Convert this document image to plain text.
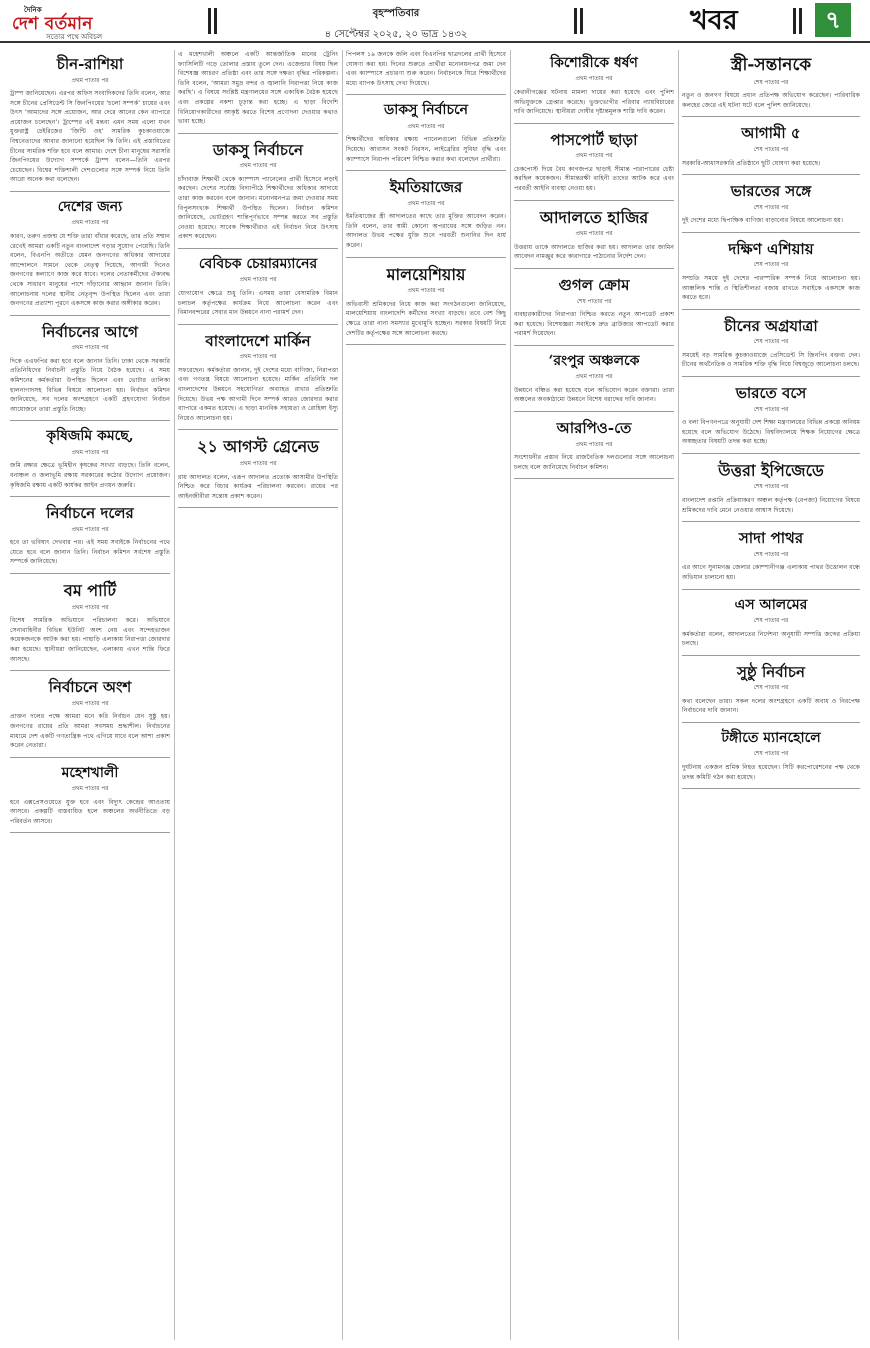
দৈনিক
দেশ বর্তমান
সত্যের পথে অবিচল
বৃহস্পতিবার
৪ সেপ্টেম্বর ২০২৫, ২০ ভাদ্র ১৪৩২	খবর	৭
চীন-রাশিয়া
প্রথম পাতার পর

ট্রাম্প জানিয়েছেন। এরপর অফিস সংবাদিকদের তিনি বলেন, আর সঙ্গে চীনের প্রেসিডেন্ট সি জিনপিংয়ের ‘চলো সম্পর্ক’ চায়ের এবং উৎস ‘আমাদের সঙ্গে প্রয়োজন, আর দেরে আনের কেন ব্যাপারে প্রয়োজন চলেছেন’। ট্রাম্পের এই মন্তব্য এমন সময় এলো যখন যুক্তরাষ্ট্র চেইরিজের ‘জিন্টি ওহ’ সামরিক কুচকাওয়াজে বিশ্বনেতাদের আবার জানানো হয়েছিল কি তিনি। এই প্রস্তাবিতের চীনের সামরিক শক্তি হবে বলে আমার। দেশে চীনা মানুষের সরাসরি জিনপিংয়ের উদ্যোগ সম্পর্কে ট্রাম্প বলেন—তিনি এরপর চেয়েছেন। বিশ্বের শক্তিশালী দেশগুলোর সঙ্গে সম্পর্ক নিয়ে তিনি আরো অনেক কথা বলেছেন।

দেশের জন্য
প্রথম পাতার পর

কারণ, তরুণ প্রজন্ম যে শক্তি তারা বাঁধার করেছে, তার প্রতি সম্মান রেখেই আমরা একটি নতুন বাংলাদেশ গড়ার সুযোগ পেয়েছি। তিনি বলেন, বিএনপি অতীতে যেমন জনগণের অধিকার আদায়ের আন্দোলনে সামনে থেকে নেতৃত্ব দিয়েছে, আগামী দিনেও জনগণের কল্যাণে কাজ করে যাবে। দলের নেতাকর্মীদের ঐক্যবদ্ধ থেকে সাধারণ মানুষের পাশে দাঁড়ানোর আহ্বান জানান তিনি। আলোচনায় দলের স্থানীয় নেতৃবৃন্দ উপস্থিত ছিলেন এবং তারা জনগণের প্রত্যাশা পূরণে একসঙ্গে কাজ করার অঙ্গীকার করেন।

নির্বাচনের আগে
প্রথম পাতার পর

দিকে এএফপির করা হবে বলে জানান তিনি। ঢাকা থেকে সরকারি প্রতিনিধিদের নির্বাচনী প্রস্তুতি নিয়ে বৈঠক হয়েছে। এ সময় কমিশনের কর্মকর্তারা উপস্থিত ছিলেন এবং ভোটার তালিকা হালনাগাদসহ বিভিন্ন বিষয়ে আলোচনা হয়। নির্বাচন কমিশন জানিয়েছে, সব দলের অংশগ্রহণে একটি গ্রহণযোগ্য নির্বাচন আয়োজনে তারা প্রস্তুতি নিচ্ছে।

কৃষিজমি কমছে,
প্রথম পাতার পর

জমি রক্ষার ক্ষেত্রে ভূমিহীন কৃষকের সংখ্যা বাড়ছে। তিনি বলেন, বনাঞ্চল ও জলাভূমি রক্ষায় সরকারের কঠোর উদ্যোগ প্রয়োজন। কৃষিজমি রক্ষায় একটি কার্যকর আইন প্রণয়ন জরুরি।

নির্বাচনে দলের
প্রথম পাতার পর

হবে তা ভবিষ্যৎ দেখবার পর। এই সময় সবাইকে নির্বাচনের পথে যেতে হবে বলে জানান তিনি। নির্বাচন কমিশন সর্বশেষ প্রস্তুতি সম্পর্কে জানিয়েছে।

বম পার্টি
প্রথম পাতার পর

বিশেষ সামরিক অভিযানে পরিচালনা করে। অভিযানে সেনাবাহিনীর বিভিন্ন ইউনিট অংশ নেয় এবং সন্দেহভাজন কয়েকজনকে আটক করা হয়। পাহাড়ি এলাকায় নিরাপত্তা জোরদার করা হয়েছে। স্থানীয়রা জানিয়েছেন, এলাকায় এখন শান্তি ফিরে আসছে।

নির্বাচনে অংশ
প্রথম পাতার পর

প্রাক্তন দলের পক্ষে আমরা মনে করি নির্বাচন যেন সুষ্ঠু হয়। জনগণের রায়ের প্রতি আমরা সবসময় শ্রদ্ধাশীল। নির্বাচনের মাধ্যমে দেশ একটি গণতান্ত্রিক পথে এগিয়ে যাবে বলে আশা প্রকাশ করেন নেতারা।

মহেশখালী
প্রথম পাতার পর

হবে এক্সপ্রেসওয়েতে যুক্ত হবে এবং বিদ্যুৎ কেন্দ্রের আওতায় আসবে। প্রকল্পটি বাস্তবায়িত হলে অঞ্চলের অর্থনীতিতে বড় পরিবর্তন আসবে।

এ মহেশখালী অঞ্চলে একটি আন্তর্জাতিক মানের ট্রেনিং ফ্যাসিলিটি গড়ে তোলার প্রস্তাব তুলে দেন। এজেন্ডার বিষয় ছিল বিশেষজ্ঞ আচরণ প্রতিষ্ঠা এবং তার সঙ্গে দক্ষতা বৃদ্ধির পরিকল্পনা। তিনি বলেন, ‘আমরা সমুদ্র বন্দর ও জ্বালানি নিরাপত্তা নিয়ে কাজ করছি’। এ বিষয়ে সংশ্লিষ্ট মন্ত্রণালয়ের সঙ্গে একাধিক বৈঠক হয়েছে এবং প্রকল্পের নকশা চূড়ান্ত করা হচ্ছে। এ ছাড়া বিদেশি বিনিয়োগকারীদের আকৃষ্ট করতে বিশেষ প্রণোদনা দেওয়ার কথাও ভাবা হচ্ছে।

ডাকসু নির্বাচনে
প্রথম পাতার পর

চাঁদাবাজ শিক্ষার্থী থেকে ক্যাম্পাস প্যানেলের প্রার্থী হিসেবে লড়াই করছেন। দেশের সর্বোচ্চ বিদ্যাপীঠে শিক্ষার্থীদের অধিকার আদায়ে তারা কাজ করবেন বলে জানান। মনোনয়নপত্র জমা দেওয়ার সময় বিপুলসংখ্যক শিক্ষার্থী উপস্থিত ছিলেন। নির্বাচন কমিশন জানিয়েছে, ভোটগ্রহণ শান্তিপূর্ণভাবে সম্পন্ন করতে সব প্রস্তুতি নেওয়া হয়েছে। সাবেক শিক্ষার্থীরাও এই নির্বাচন নিয়ে উৎসাহ প্রকাশ করেছেন।

বেবিচক চেয়ারম্যানের
প্রথম পাতার পর

যোগাযোগ ক্ষেত্রে শুধু তিনি। এসময় তারা বেসামরিক বিমান চলাচল কর্তৃপক্ষের কার্যক্রম নিয়ে আলোচনা করেন এবং বিমানবন্দরের সেবার মান উন্নয়নে নানা পরামর্শ দেন।

বাংলাদেশে মার্কিন
প্রথম পাতার পর

সফরেছেন। কর্মকর্তারা জানান, দুই দেশের মধ্যে বাণিজ্য, নিরাপত্তা এবং গণতন্ত্র বিষয়ে আলোচনা হয়েছে। মার্কিন প্রতিনিধি দল বাংলাদেশের উন্নয়নে সহযোগিতা অব্যাহত রাখার প্রতিশ্রুতি দিয়েছে। উভয় পক্ষ আগামী দিনে সম্পর্ক আরও জোরদার করার ব্যাপারে একমত হয়েছে। এ ছাড়া মানবিক সহায়তা ও রোহিঙ্গা ইস্যু নিয়েও আলোচনা হয়।

২১ আগস্ট গ্রেনেড
প্রথম পাতার পর

রায় আদালত বলেন, এরূপ আদালত প্রত্যেক আসামীর উপস্থিতি নিশ্চিত করে বিচার কার্যক্রম পরিচালনা করবেন। রায়ের পর আইনজীবীরা সন্তোষ প্রকাশ করেন।

পিপলস ১৯ জনকে জলি এবং বিএনপির ছাত্রদলের প্রার্থী হিসেবে ঘোষণা করা হয়। দিনের শুরুতে প্রার্থীরা মনোনয়নপত্র জমা দেন এবং ক্যাম্পাসে প্রচারণা শুরু করেন। নির্বাচনকে ঘিরে শিক্ষার্থীদের মধ্যে ব্যাপক উৎসাহ দেখা দিয়েছে।

ডাকসু নির্বাচনে
প্রথম পাতার পর

শিক্ষার্থীদের অধিকার রক্ষায় প্যানেলগুলো বিভিন্ন প্রতিশ্রুতি দিয়েছে। আবাসন সংকট নিরসন, লাইব্রেরির সুবিধা বৃদ্ধি এবং ক্যাম্পাসে নিরাপদ পরিবেশ নিশ্চিত করার কথা বলেছেন প্রার্থীরা।

ইমতিয়াজের
প্রথম পাতার পর

ইমতিয়াজের স্ত্রী আদালতের কাছে তার মুক্তির আবেদন করেন। তিনি বলেন, তার স্বামী কোনো অপরাধের সঙ্গে জড়িত নন। আদালত উভয় পক্ষের যুক্তি শুনে পরবর্তী শুনানির দিন ধার্য করেন।

মালয়েশিয়ায়
প্রথম পাতার পর

অভিবাসী শ্রমিকদের নিয়ে কাজ করা সংগঠনগুলো জানিয়েছে, মালয়েশিয়ায় বাংলাদেশি কর্মীদের সংখ্যা বাড়ছে। তবে বেশ কিছু ক্ষেত্রে তারা নানা সমস্যার মুখোমুখি হচ্ছেন। সরকার বিষয়টি নিয়ে দেশটির কর্তৃপক্ষের সঙ্গে আলোচনা করছে।

কিশোরীকে ধর্ষণ
প্রথম পাতার পর

কেরানীগঞ্জের ঘটনায় মামলা দায়ের করা হয়েছে এবং পুলিশ অভিযুক্তকে গ্রেপ্তার করেছে। ভুক্তভোগীর পরিবার ন্যায়বিচারের দাবি জানিয়েছে। স্থানীয়রা দোষীর দৃষ্টান্তমূলক শাস্তি দাবি করেন।

পাসপোর্ট ছাড়া
প্রথম পাতার পর

চেকপোস্ট দিয়ে বৈধ কাগজপত্র ছাড়াই সীমান্ত পারাপারের চেষ্টা করছিল কয়েকজন। সীমান্তরক্ষী বাহিনী তাদের আটক করে এবং পরবর্তী আইনি ব্যবস্থা নেওয়া হয়।

আদালতে হাজির
প্রথম পাতার পর

উত্তরায় তাকে আদালতে হাজির করা হয়। আদালত তার জামিন আবেদন নামঞ্জুর করে কারাগারে পাঠানোর নির্দেশ দেন।

গুগল ক্রোম
শেষ পাতার পর

ব্যবহারকারীদের নিরাপত্তা নিশ্চিত করতে নতুন আপডেট প্রকাশ করা হয়েছে। বিশেষজ্ঞরা সবাইকে দ্রুত ব্রাউজার আপডেট করার পরামর্শ দিয়েছেন।

‘রংপুর অঞ্চলকে
প্রথম পাতার পর

উন্নয়নে বঞ্চিত করা হয়েছে বলে অভিযোগ করেন বক্তারা। তারা অঞ্চলের অবকাঠামো উন্নয়নে বিশেষ বরাদ্দের দাবি জানান।

আরপিও-তে
প্রথম পাতার পর

সংশোধনীর প্রস্তাব নিয়ে রাজনৈতিক দলগুলোর সঙ্গে আলোচনা চলছে বলে জানিয়েছে নির্বাচন কমিশন।

স্ত্রী-সন্তানকে
শেষ পাতার পর

নতুন ও জনগণ বিষয়ে প্রধান প্রতিপক্ষ অভিযোগ করেছেন। পারিবারিক কলহের জেরে এই ঘটনা ঘটে বলে পুলিশ জানিয়েছে।

আগামী ৫
শেষ পাতার পর

সরকারি-আধাসরকারি প্রতিষ্ঠানে ছুটি ঘোষণা করা হয়েছে।

ভারতের সঙ্গে
শেষ পাতার পর

দুই দেশের মধ্যে দ্বিপাক্ষিক বাণিজ্য বাড়ানোর বিষয়ে আলোচনা হয়।

দক্ষিণ এশিয়ায়
শেষ পাতার পর

সম্প্রতি সময়ে দুই দেশের পারস্পরিক সম্পর্ক নিয়ে আলোচনা হয়। আঞ্চলিক শান্তি ও স্থিতিশীলতা বজায় রাখতে সবাইকে একসঙ্গে কাজ করতে হবে।

চীনের অগ্রযাত্রা
শেষ পাতার পর

সময়েই বড় সামরিক কুচকাওয়াজে প্রেসিডেন্ট সি জিনপিং বক্তব্য দেন। চীনের অর্থনৈতিক ও সামরিক শক্তি বৃদ্ধি নিয়ে বিশ্বজুড়ে আলোচনা চলছে।

ভারতে বসে
শেষ পাতার পর

ও বলা বিপণনপত্রে অনুযায়ী দেশ শিক্ষা মন্ত্রণালয়ের বিভিন্ন প্রকল্পে অনিয়ম হয়েছে বলে অভিযোগ উঠেছে। বিশ্ববিদ্যালয়ে শিক্ষক নিয়োগের ক্ষেত্রে অস্বচ্ছতার বিষয়টি তদন্ত করা হচ্ছে।

উত্তরা ইপিজেডে
শেষ পাতার পর

বাংলাদেশ রপ্তানি প্রক্রিয়াকরণ অঞ্চল কর্তৃপক্ষ (বেপজা) নিয়োগের বিষয়ে শ্রমিকদের দাবি মেনে নেওয়ার আশ্বাস দিয়েছে।

সাদা পাথর
শেষ পাতার পর

এর আগে সুনামগঞ্জ জেলার কোম্পানীগঞ্জ এলাকায় পাথর উত্তোলন বন্ধে অভিযান চালানো হয়।

এস আলমের
শেষ পাতার পর

কর্মকর্তারা বলেন, আদালতের নির্দেশনা অনুযায়ী সম্পত্তি জব্দের প্রক্রিয়া চলছে।

সুষ্ঠু নির্বাচন
শেষ পাতার পর

কথা বলেছেন তারা। সকল দলের অংশগ্রহণে একটি অবাধ ও নিরপেক্ষ নির্বাচনের দাবি জানান।

টঙ্গীতে ম্যানহোলে
শেষ পাতার পর

দুর্ঘটনায় একজন শ্রমিক নিহত হয়েছেন। সিটি করপোরেশনের পক্ষ থেকে তদন্ত কমিটি গঠন করা হয়েছে।
